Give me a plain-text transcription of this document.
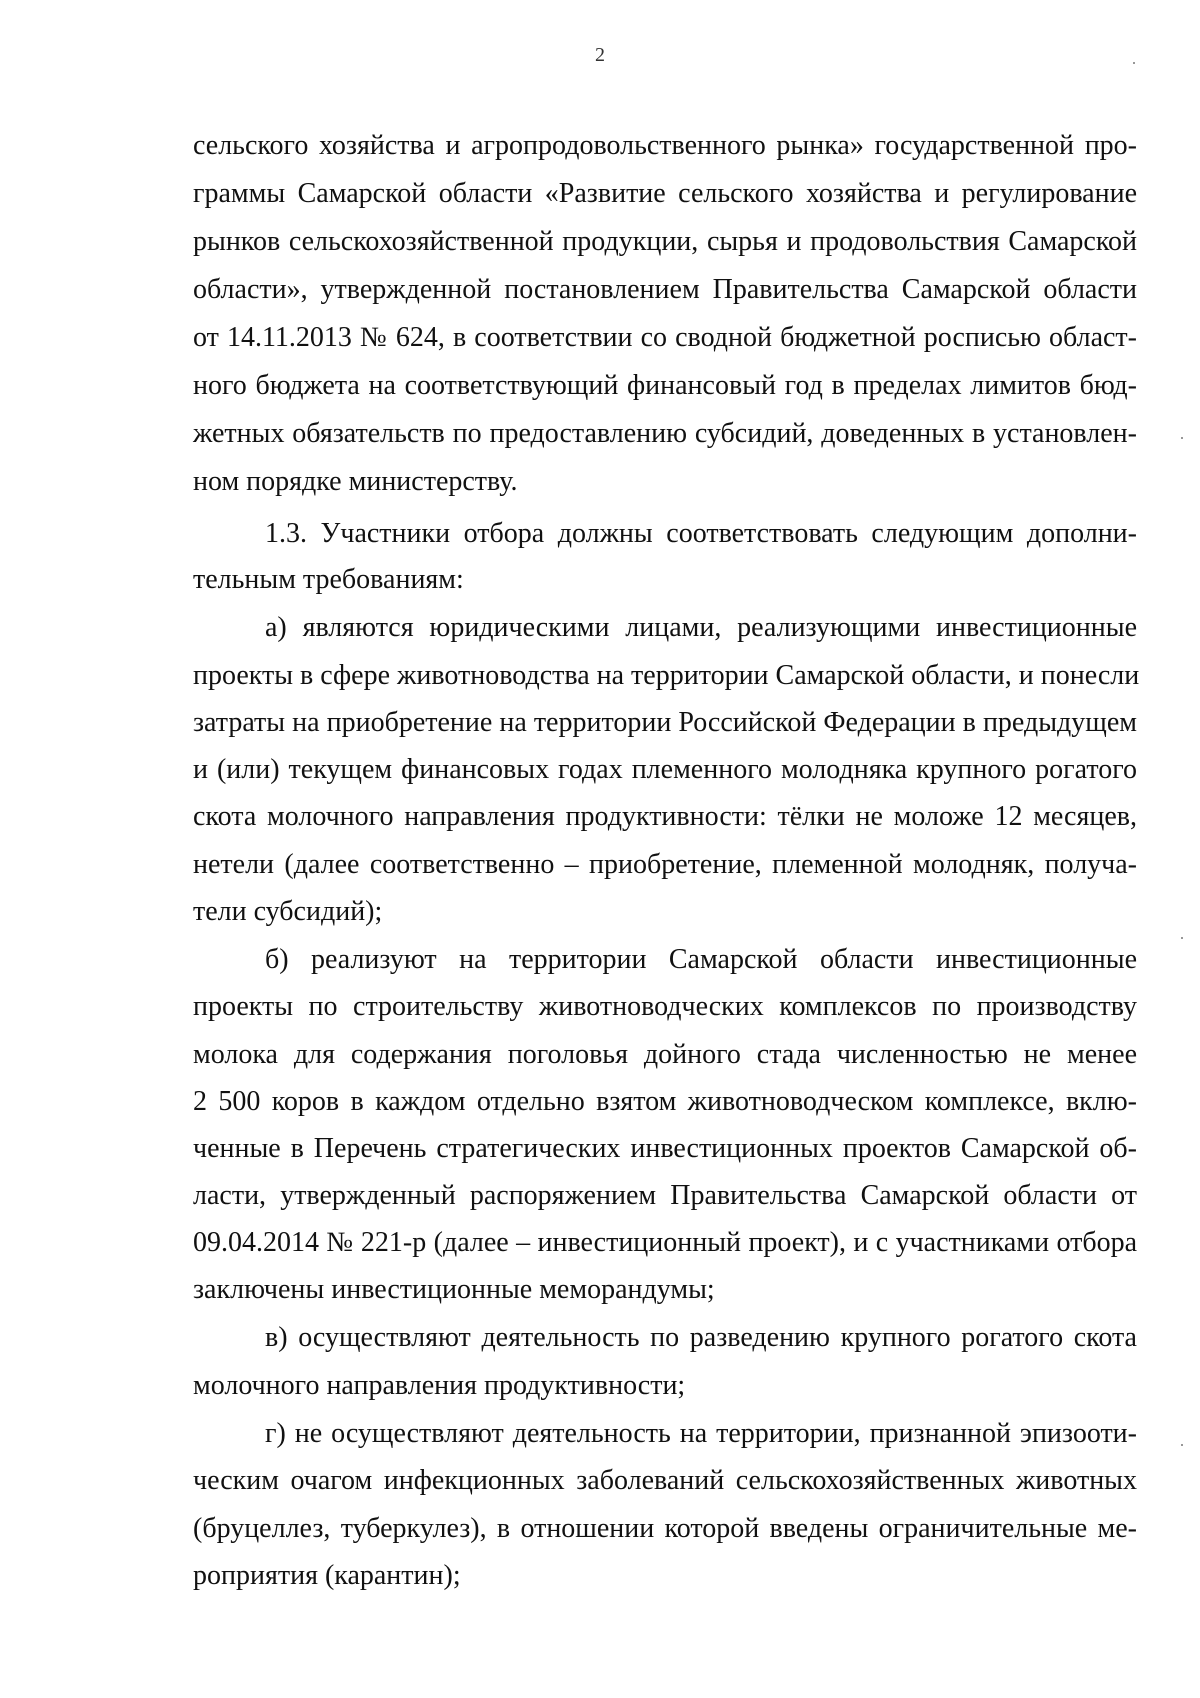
2
сельского хозяйства и агропродовольственного рынка» государственной про-
граммы Самарской области «Развитие сельского хозяйства и регулирование
рынков сельскохозяйственной продукции, сырья и продовольствия Самарской
области», утвержденной постановлением Правительства Самарской области
от 14.11.2013 № 624, в соответствии со сводной бюджетной росписью област-
ного бюджета на соответствующий финансовый год в пределах лимитов бюд-
жетных обязательств по предоставлению субсидий, доведенных в установлен-
ном порядке министерству.
1.3. Участники отбора должны соответствовать следующим дополни-
тельным требованиям:
а) являются юридическими лицами, реализующими инвестиционные
проекты в сфере животноводства на территории Самарской области, и понесли
затраты на приобретение на территории Российской Федерации в предыдущем
и (или) текущем финансовых годах племенного молодняка крупного рогатого
скота молочного направления продуктивности: тёлки не моложе 12 месяцев,
нетели (далее соответственно – приобретение, племенной молодняк, получа-
тели субсидий);
б) реализуют на территории Самарской области инвестиционные
проекты по строительству животноводческих комплексов по производству
молока для содержания поголовья дойного стада численностью не менее
2 500 коров в каждом отдельно взятом животноводческом комплексе, вклю-
ченные в Перечень стратегических инвестиционных проектов Самарской об-
ласти, утвержденный распоряжением Правительства Самарской области от
09.04.2014 № 221-р (далее – инвестиционный проект), и с участниками отбора
заключены инвестиционные меморандумы;
в) осуществляют деятельность по разведению крупного рогатого скота
молочного направления продуктивности;
г) не осуществляют деятельность на территории, признанной эпизооти-
ческим очагом инфекционных заболеваний сельскохозяйственных животных
(бруцеллез, туберкулез), в отношении которой введены ограничительные ме-
роприятия (карантин);
